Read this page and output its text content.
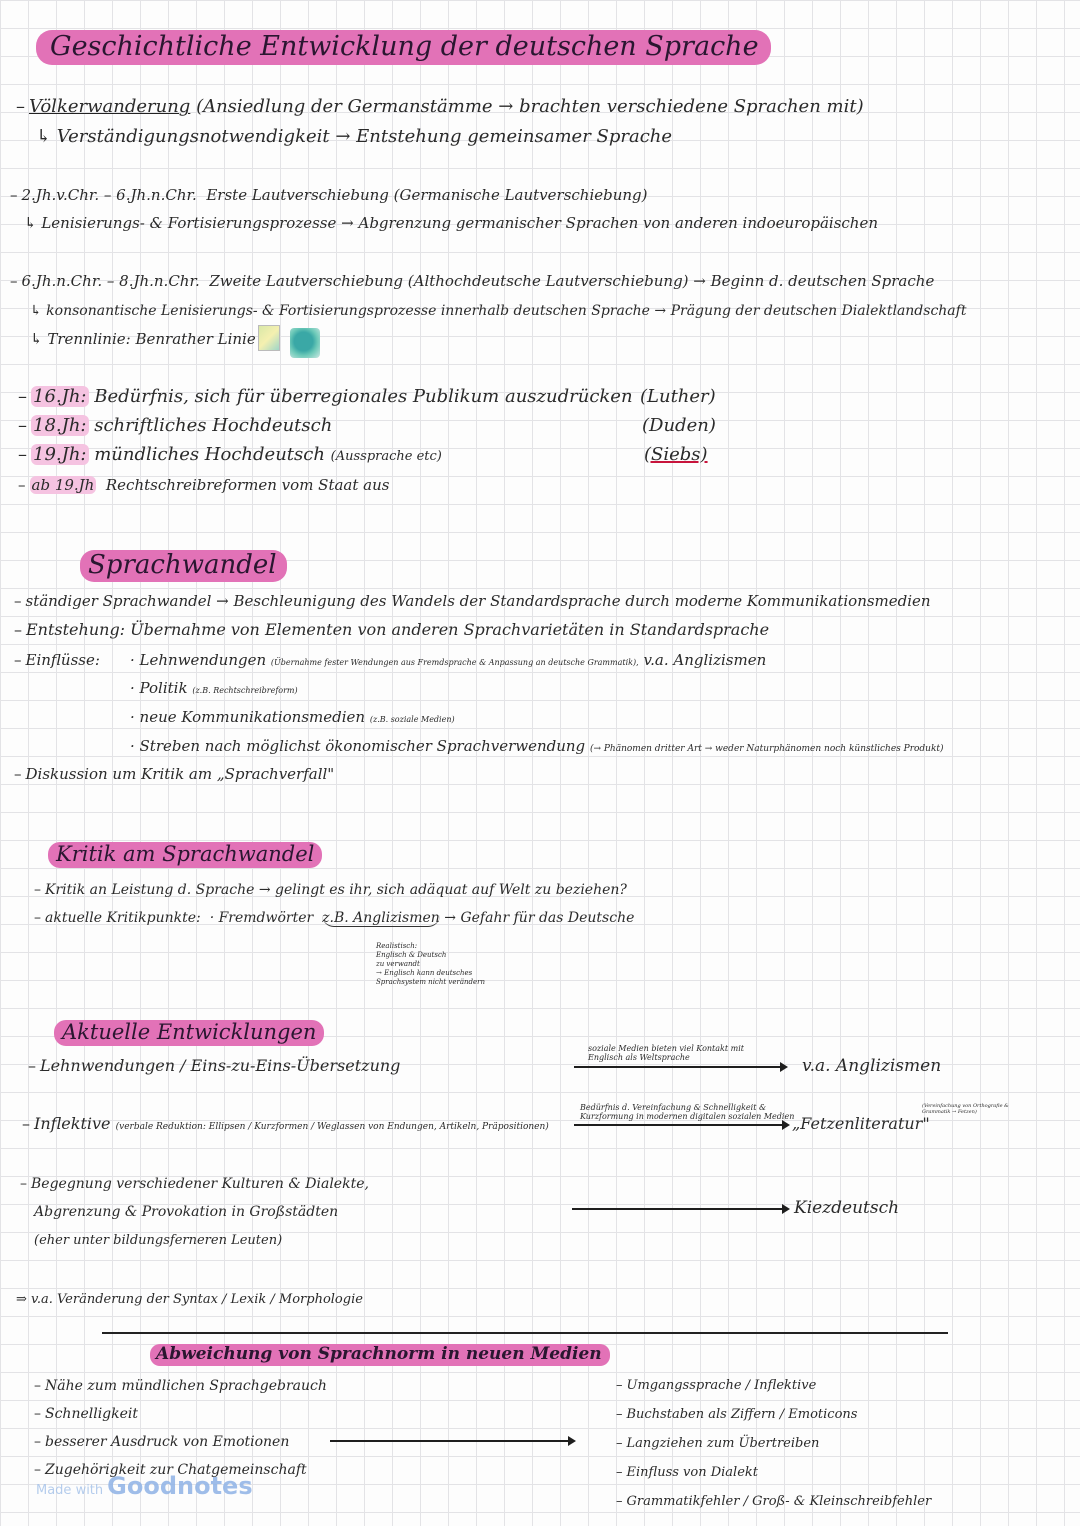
Geschichtliche Entwicklung der deutschen Sprache
– Völkerwanderung (Ansiedlung der Germanstämme → brachten verschiedene Sprachen mit)
↳ Verständigungsnotwendigkeit → Entstehung gemeinsamer Sprache
– 2.Jh.v.Chr. – 6.Jh.n.Chr. Erste Lautverschiebung (Germanische Lautverschiebung)
↳ Lenisierungs- & Fortisierungsprozesse → Abgrenzung germanischer Sprachen von anderen indoeuropäischen
– 6.Jh.n.Chr. – 8.Jh.n.Chr. Zweite Lautverschiebung (Althochdeutsche Lautverschiebung) → Beginn d. deutschen Sprache
↳ konsonantische Lenisierungs- & Fortisierungsprozesse innerhalb deutschen Sprache → Prägung der deutschen Dialektlandschaft
↳ Trennlinie: Benrather Linie
– 16.Jh: Bedürfnis, sich für überregionales Publikum auszudrücken (Luther)
– 18.Jh: schriftliches Hochdeutsch	(Duden)
– 19.Jh: mündliches Hochdeutsch (Aussprache etc)	(Siebs)
– ab 19.Jh Rechtschreibreformen vom Staat aus
Sprachwandel
– ständiger Sprachwandel → Beschleunigung des Wandels der Standardsprache durch moderne Kommunikationsmedien
– Entstehung: Übernahme von Elementen von anderen Sprachvarietäten in Standardsprache
– Einflüsse: · Lehnwendungen (Übernahme fester Wendungen aus Fremdsprache & Anpassung an deutsche Grammatik), v.a. Anglizismen
· Politik (z.B. Rechtschreibreform)
· neue Kommunikationsmedien (z.B. soziale Medien)
· Streben nach möglichst ökonomischer Sprachverwendung (→ Phänomen dritter Art → weder Naturphänomen noch künstliches Produkt)
– Diskussion um Kritik am „Sprachverfall"
Kritik am Sprachwandel
– Kritik an Leistung d. Sprache → gelingt es ihr, sich adäquat auf Welt zu beziehen?
– aktuelle Kritikpunkte: · Fremdwörter z.B. Anglizismen → Gefahr für das Deutsche
Realistisch:
Englisch & Deutsch
zu verwandt
→ Englisch kann deutsches
Sprachsystem nicht verändern
Aktuelle Entwicklungen
– Lehnwendungen / Eins-zu-Eins-Übersetzung
soziale Medien bieten viel Kontakt mit Englisch als Weltsprache	v.a. Anglizismen
– Inflektive (verbale Reduktion: Ellipsen / Kurzformen / Weglassen von Endungen, Artikeln, Präpositionen)
Bedürfnis d. Vereinfachung & Schnelligkeit &
Kurzformung in modernen digitalen sozialen Medien
„Fetzenliteratur"
(Vereinfachung von Orthografie & Grammatik → Fetzen)
– Begegnung verschiedener Kulturen & Dialekte,
Abgrenzung & Provokation in Großstädten
(eher unter bildungsferneren Leuten)
Kiezdeutsch
⇒ v.a. Veränderung der Syntax / Lexik / Morphologie
Abweichung von Sprachnorm in neuen Medien
– Nähe zum mündlichen Sprachgebrauch
– Schnelligkeit
– besserer Ausdruck von Emotionen
– Zugehörigkeit zur Chatgemeinschaft
– Umgangssprache / Inflektive
– Buchstaben als Ziffern / Emoticons
– Langziehen zum Übertreiben
– Einfluss von Dialekt
– Grammatikfehler / Groß- & Kleinschreibfehler
Made with Goodnotes
